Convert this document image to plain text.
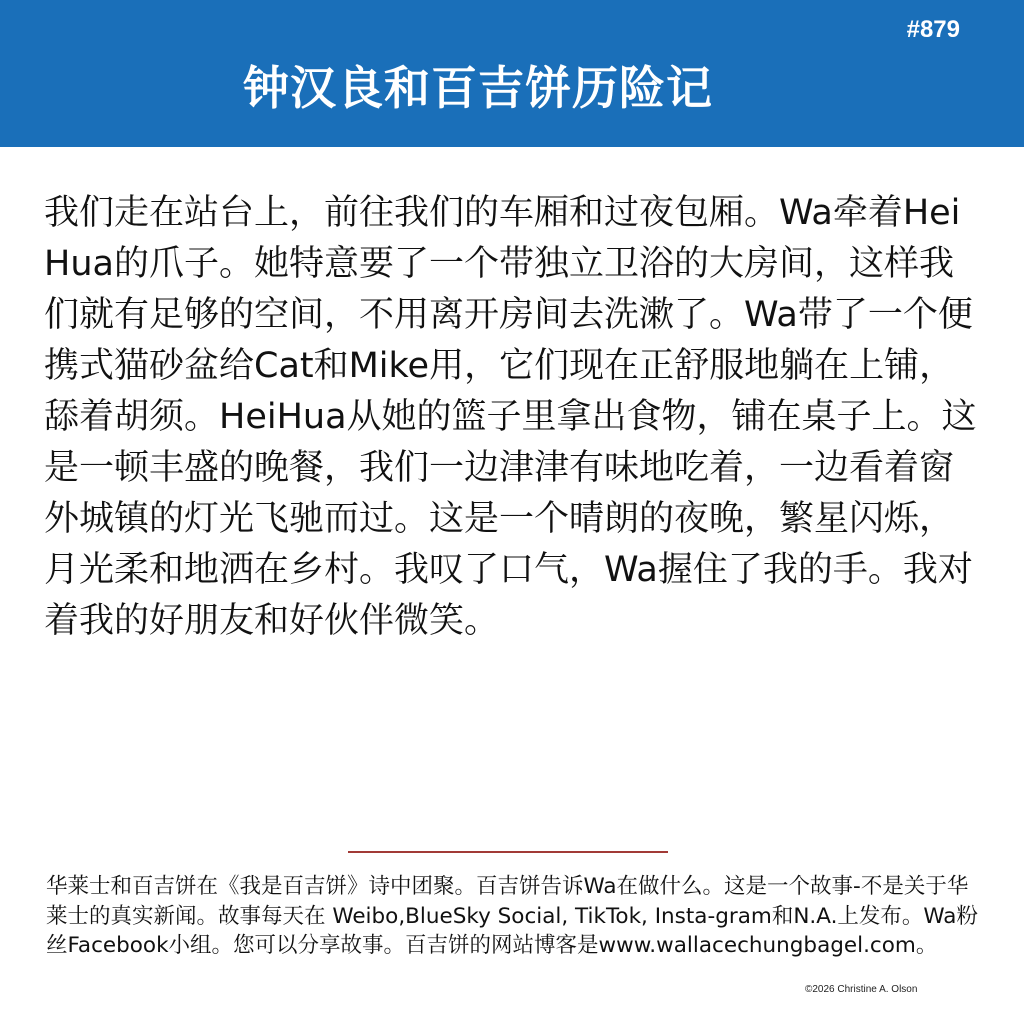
#879
钟汉良和百吉饼历险记

我们走在站台上，前往我们的车厢和过夜包厢。Wa牵着HeiHua的爪子。她特意要了一个带独立卫浴的大房间，这样我们就有足够的空间，不用离开房间去洗漱了。Wa带了一个便携式猫砂盆给Cat和Mike用，它们现在正舒服地躺在上铺，舔着胡须。HeiHua从她的篮子里拿出食物，铺在桌子上。这是一顿丰盛的晚餐，我们一边津津有味地吃着，一边看着窗外城镇的灯光飞驰而过。这是一个晴朗的夜晚，繁星闪烁，月光柔和地洒在乡村。我叹了口气，Wa握住了我的手。我对着我的好朋友和好伙伴微笑。

华莱士和百吉饼在《我是百吉饼》诗中团聚。百吉饼告诉Wa在做什么。这是一个故事-不是关于华莱士的真实新闻。故事每天在 Weibo,BlueSky Social, TikTok, Insta-gram和N.A.上发布。Wa粉丝Facebook小组。您可以分享故事。百吉饼的网站博客是www.wallacechungbagel.com。

©2026 Christine A. Olson
